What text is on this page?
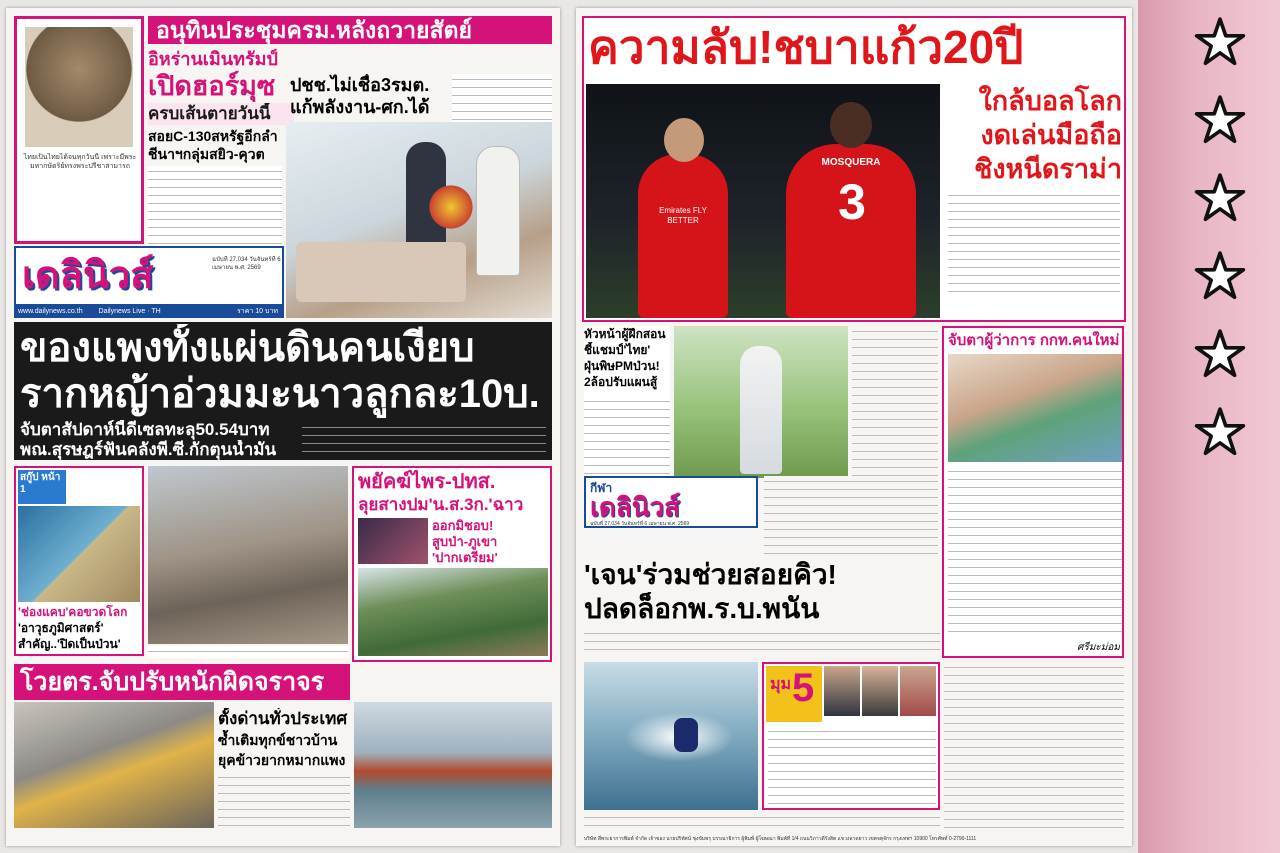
ไทยเป็นไทยได้จนทุกวันนี้ เพราะมีพระมหากษัตริย์ทรงพระปรีชาสามารถ
อนุทินประชุมครม.หลังถวายสัตย์
อิหร่านเมินทรัมป์
เปิดฮอร์มุซ
ครบเส้นตายวันนี้
สอยC-130สหรัฐอีกลำ
ชีนาฯกลุ่มสยิว-คุวต
ปชช.ไม่เชื่อ3รมต.
แก้พลังงาน-ศก.ได้
เดลินิวส์	ฉบับที่ 27,034 วันจันทร์ที่ 6 เมษายน พ.ศ. 2569
www.dailynews.co.th Dailynews Live · TH	ราคา 10 บาท
ของแพงทั้งแผ่นดินคนเงียบ
รากหญ้าอ่วมมะนาวลูกละ10บ.
จับตาสัปดาห์นี้ดีเซลทะลุ50.54บาท
พณ.สุรษฎร์ฟันคลังพี.ซี.กักตุนน้ำมัน
สกู๊ป หน้า 1
'ช่องแคบ'คอขวดโลก
'อาวุธภูมิศาสตร์'
สำคัญ..'ปิดเป็นป่วน'
พยัคฆ์ไพร-ปทส.
ลุยสางปม'น.ส.3ก.'ฉาว
ออกมิชอบ!
สูบป่า-ภูเขา
'ปากเตรียม'
โวยตร.จับปรับหนักผิดจราจร
ตั้งด่านทั่วประเทศ
ซ้ำเติมทุกข์ชาวบ้าน
ยุคข้าวยากหมากแพง
ความลับ!ชบาแก้ว20ปี
Emirates FLY BETTER
MOSQUERA
3
ใกล้บอลโลก
งดเล่นมือถือ
ชิงหนีดราม่า
หัวหน้าผู้ฝึกสอน
ชี้แชมป์'ไทย'
ฝุ่นพิษPMป่วน!
2ล้อปรับแผนสู้
จับตาผู้ว่าการ กกท.คนใหม่
ศรีมะม่อม
กีฬา
เดลินิวส์
ฉบับที่ 27,034 วันจันทร์ที่ 6 เมษายน พ.ศ. 2569
'เจน'ร่วมช่วยสอยคิว!
ปลดล็อกพ.ร.บ.พนัน
มุม 5
บริษัท สี่พระยาการพิมพ์ จำกัด เจ้าของ นายปริทัศน์ ชุงขัมพรุ บรรณาธิการ ผู้พิมพ์ ผู้โฆษณา พิมพ์ที่ 1/4 ถนนวิภาวดีรังสิต แขวงลาดยาว เขตจตุจักร กรุงเทพฯ 10900 โทรศัพท์ 0-2790-1111
